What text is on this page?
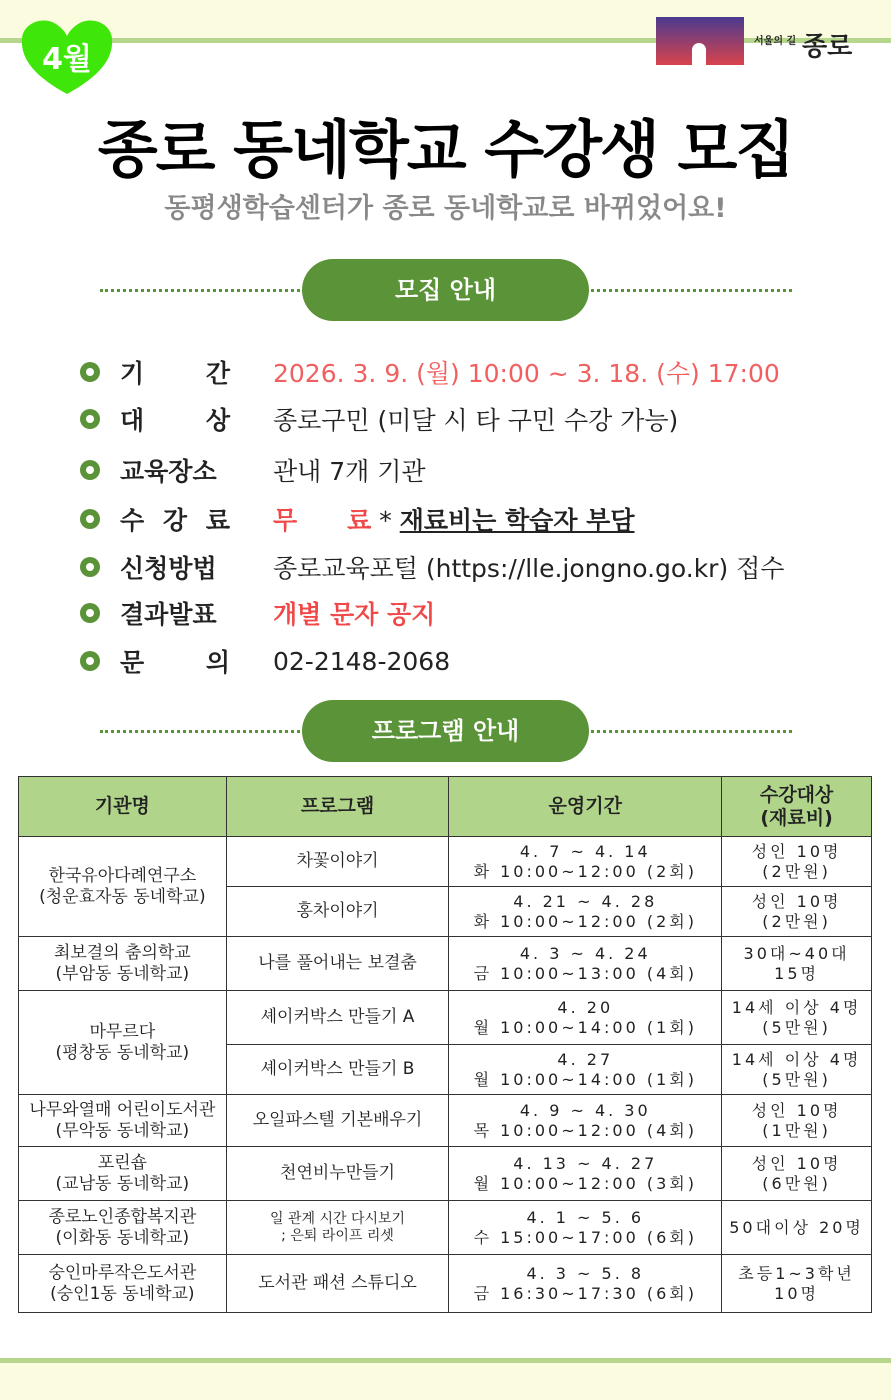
4월
서울의 길 종로
종로 동네학교 수강생 모집
동평생학습센터가 종로 동네학교로 바뀌었어요!
모집 안내
기 간 2026. 3. 9. (월) 10:00 ~ 3. 18. (수) 17:00
대 상 종로구민 (미달 시 타 구민 수강 가능)
교육장소 관내 7개 기관
수 강 료 무　　료 * 재료비는 학습자 부담
신청방법 종로교육포털 (https://lle.jongno.go.kr) 접수
결과발표 개별 문자 공지
문 의 02-2148-2068
프로그램 안내
기관명	프로그램	운영기간	수강대상
(재료비)
한국유아다례연구소
(청운효자동 동네학교)	차꽃이야기	4. 7 ~ 4. 14
화 10:00~12:00 (2회)	성인 10명
(2만원)
	홍차이야기	4. 21 ~ 4. 28
화 10:00~12:00 (2회)	성인 10명
(2만원)
최보결의 춤의학교
(부암동 동네학교)	나를 풀어내는 보결춤	4. 3 ~ 4. 24
금 10:00~13:00 (4회)	30대~40대
15명
마무르다
(평창동 동네학교)	셰이커박스 만들기 A	4. 20
월 10:00~14:00 (1회)	14세 이상 4명
(5만원)
	셰이커박스 만들기 B	4. 27
월 10:00~14:00 (1회)	14세 이상 4명
(5만원)
나무와열매 어린이도서관
(무악동 동네학교)	오일파스텔 기본배우기	4. 9 ~ 4. 30
목 10:00~12:00 (4회)	성인 10명
(1만원)
포린숍
(교남동 동네학교)	천연비누만들기	4. 13 ~ 4. 27
월 10:00~12:00 (3회)	성인 10명
(6만원)
종로노인종합복지관
(이화동 동네학교)	일 관계 시간 다시보기
; 은퇴 라이프 리셋	4. 1 ~ 5. 6
수 15:00~17:00 (6회)	50대이상 20명
숭인마루작은도서관
(숭인1동 동네학교)	도서관 패션 스튜디오	4. 3 ~ 5. 8
금 16:30~17:30 (6회)	초등1~3학년
10명
